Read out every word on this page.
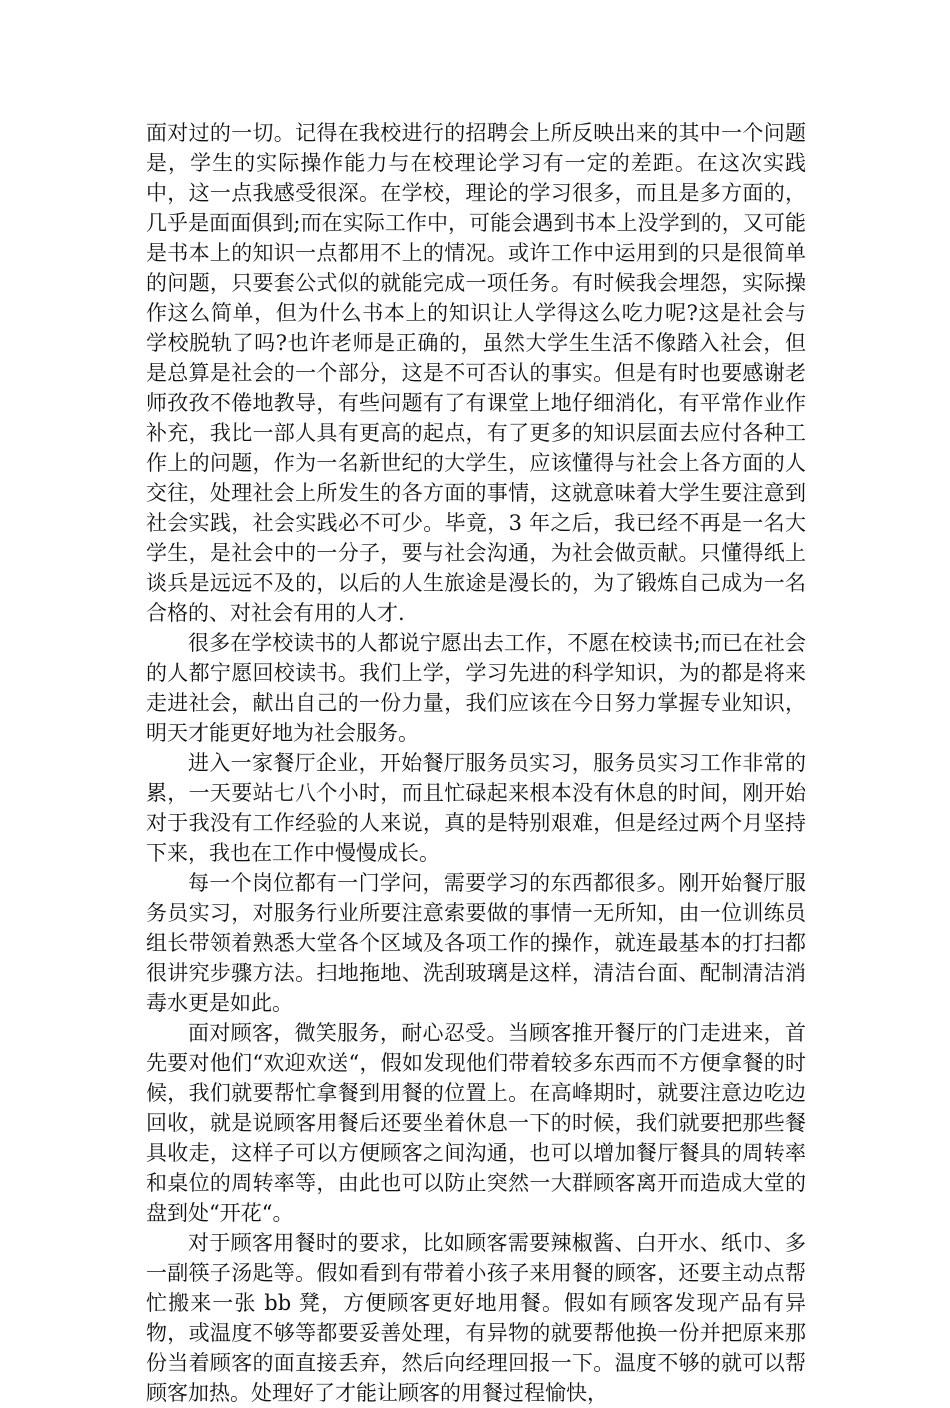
面对过的一切。记得在我校进行的招聘会上所反映出来的其中一个问题是，学生的实际操作能力与在校理论学习有一定的差距。在这次实践中，这一点我感受很深。在学校，理论的学习很多，而且是多方面的，几乎是面面俱到;而在实际工作中，可能会遇到书本上没学到的，又可能是书本上的知识一点都用不上的情况。或许工作中运用到的只是很简单的问题，只要套公式似的就能完成一项任务。有时候我会埋怨，实际操作这么简单，但为什么书本上的知识让人学得这么吃力呢?这是社会与学校脱轨了吗?也许老师是正确的，虽然大学生生活不像踏入社会，但是总算是社会的一个部分，这是不可否认的事实。但是有时也要感谢老师孜孜不倦地教导，有些问题有了有课堂上地仔细消化，有平常作业作补充，我比一部人具有更高的起点，有了更多的知识层面去应付各种工作上的问题，作为一名新世纪的大学生，应该懂得与社会上各方面的人交往，处理社会上所发生的各方面的事情，这就意味着大学生要注意到社会实践，社会实践必不可少。毕竟，3 年之后，我已经不再是一名大学生，是社会中的一分子，要与社会沟通，为社会做贡献。只懂得纸上谈兵是远远不及的，以后的人生旅途是漫长的，为了锻炼自己成为一名合格的、对社会有用的人才.

很多在学校读书的人都说宁愿出去工作，不愿在校读书;而已在社会的人都宁愿回校读书。我们上学，学习先进的科学知识，为的都是将来走进社会，献出自己的一份力量，我们应该在今日努力掌握专业知识，明天才能更好地为社会服务。

进入一家餐厅企业，开始餐厅服务员实习，服务员实习工作非常的累，一天要站七八个小时，而且忙碌起来根本没有休息的时间，刚开始对于我没有工作经验的人来说，真的是特别艰难，但是经过两个月坚持下来，我也在工作中慢慢成长。

每一个岗位都有一门学问，需要学习的东西都很多。刚开始餐厅服务员实习，对服务行业所要注意索要做的事情一无所知，由一位训练员组长带领着熟悉大堂各个区域及各项工作的操作，就连最基本的打扫都很讲究步骤方法。扫地拖地、洗刮玻璃是这样，清洁台面、配制清洁消毒水更是如此。

面对顾客，微笑服务，耐心忍受。当顾客推开餐厅的门走进来，首先要对他们“欢迎欢送“，假如发现他们带着较多东西而不方便拿餐的时候，我们就要帮忙拿餐到用餐的位置上。在高峰期时，就要注意边吃边回收，就是说顾客用餐后还要坐着休息一下的时候，我们就要把那些餐具收走，这样子可以方便顾客之间沟通，也可以增加餐厅餐具的周转率和桌位的周转率等，由此也可以防止突然一大群顾客离开而造成大堂的盘到处“开花“。

对于顾客用餐时的要求，比如顾客需要辣椒酱、白开水、纸巾、多一副筷子汤匙等。假如看到有带着小孩子来用餐的顾客，还要主动点帮忙搬来一张 bb 凳，方便顾客更好地用餐。假如有顾客发现产品有异物，或温度不够等都要妥善处理，有异物的就要帮他换一份并把原来那份当着顾客的面直接丢弃，然后向经理回报一下。温度不够的就可以帮顾客加热。处理好了才能让顾客的用餐过程愉快，
